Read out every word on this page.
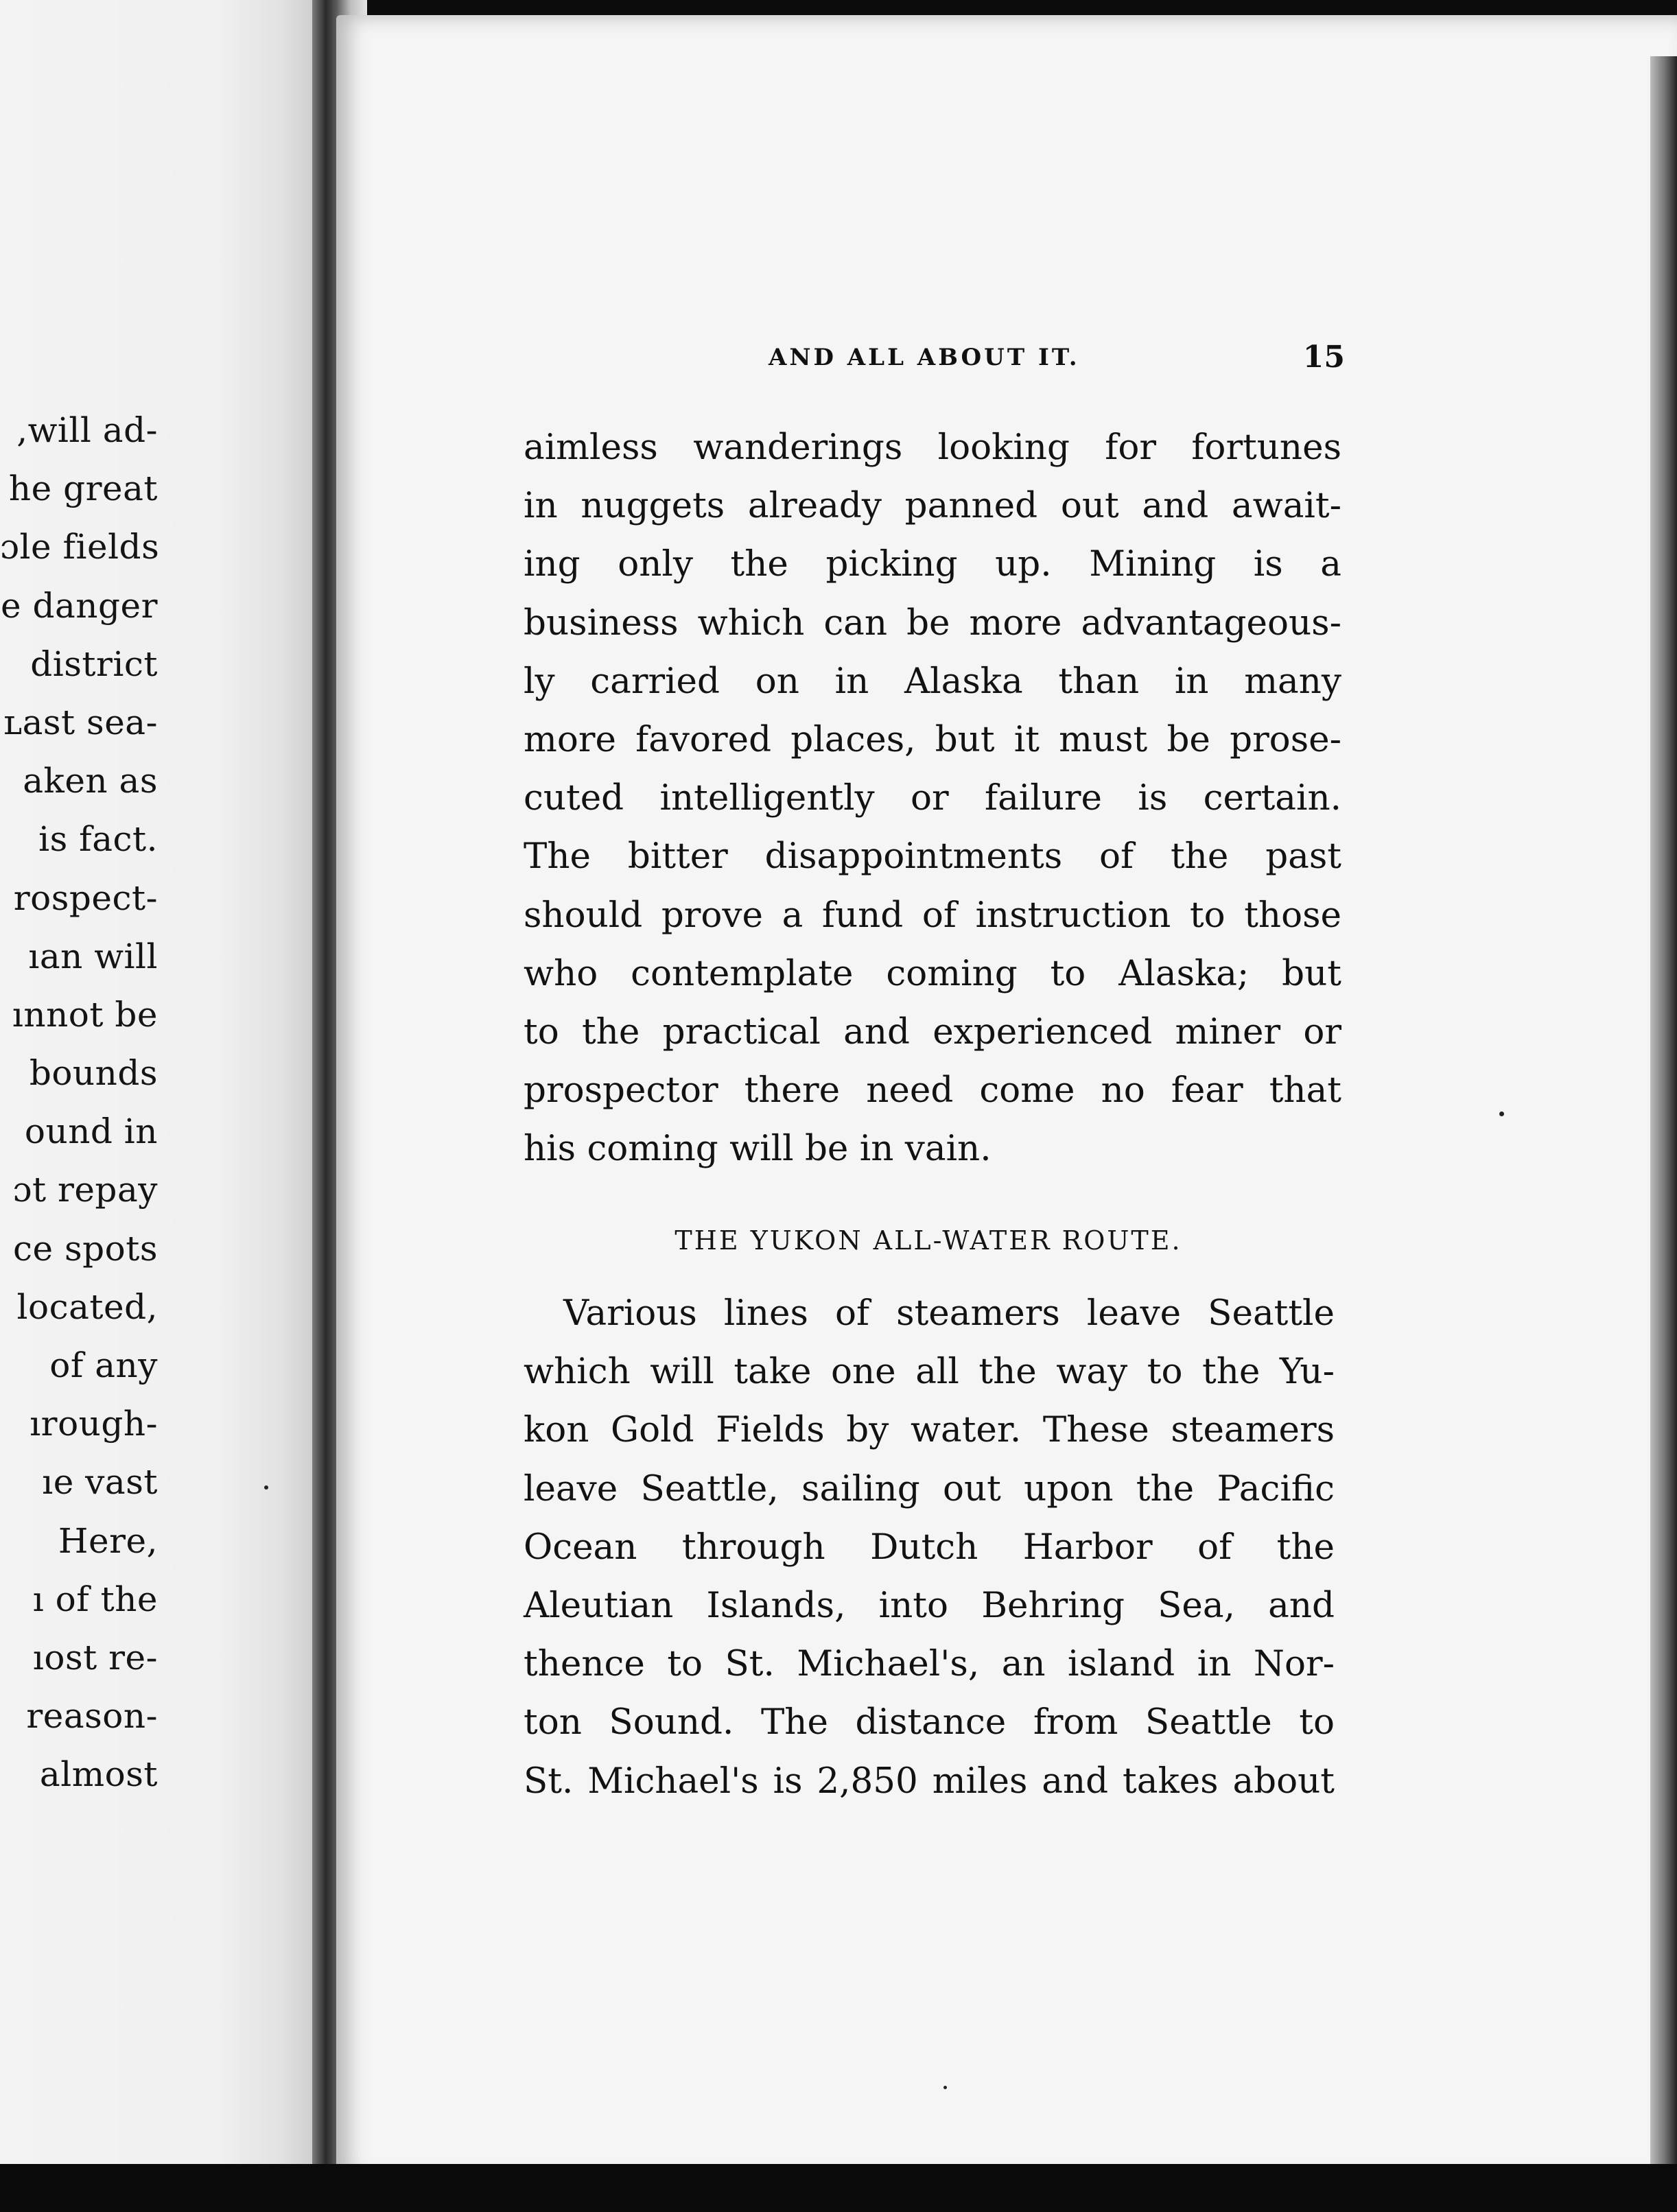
,will ad-
he great
ɔle fields
e danger
district
ʟast sea-
aken as
is fact.
rospect-
ıan will
ınnot be
bounds
ound in
ɔt repay
ce spots
located,
of any
ırough-
ıe vast
Here,
ı of the
ıost re-
reason-
almost
AND ALL ABOUT IT.	15
aimless wanderings looking for fortunes
in nuggets already panned out and await-
ing only the picking up. Mining is a
business which can be more advantageous-
ly carried on in Alaska than in many
more favored places, but it must be prose-
cuted intelligently or failure is certain.
The bitter disappointments of the past
should prove a fund of instruction to those
who contemplate coming to Alaska; but
to the practical and experienced miner or
prospector there need come no fear that
his coming will be in vain.
THE YUKON ALL-WATER ROUTE.
Various lines of steamers leave Seattle
which will take one all the way to the Yu-
kon Gold Fields by water. These steamers
leave Seattle, sailing out upon the Pacific
Ocean through Dutch Harbor of the
Aleutian Islands, into Behring Sea, and
thence to St. Michael's, an island in Nor-
ton Sound. The distance from Seattle to
St. Michael's is 2,850 miles and takes about
